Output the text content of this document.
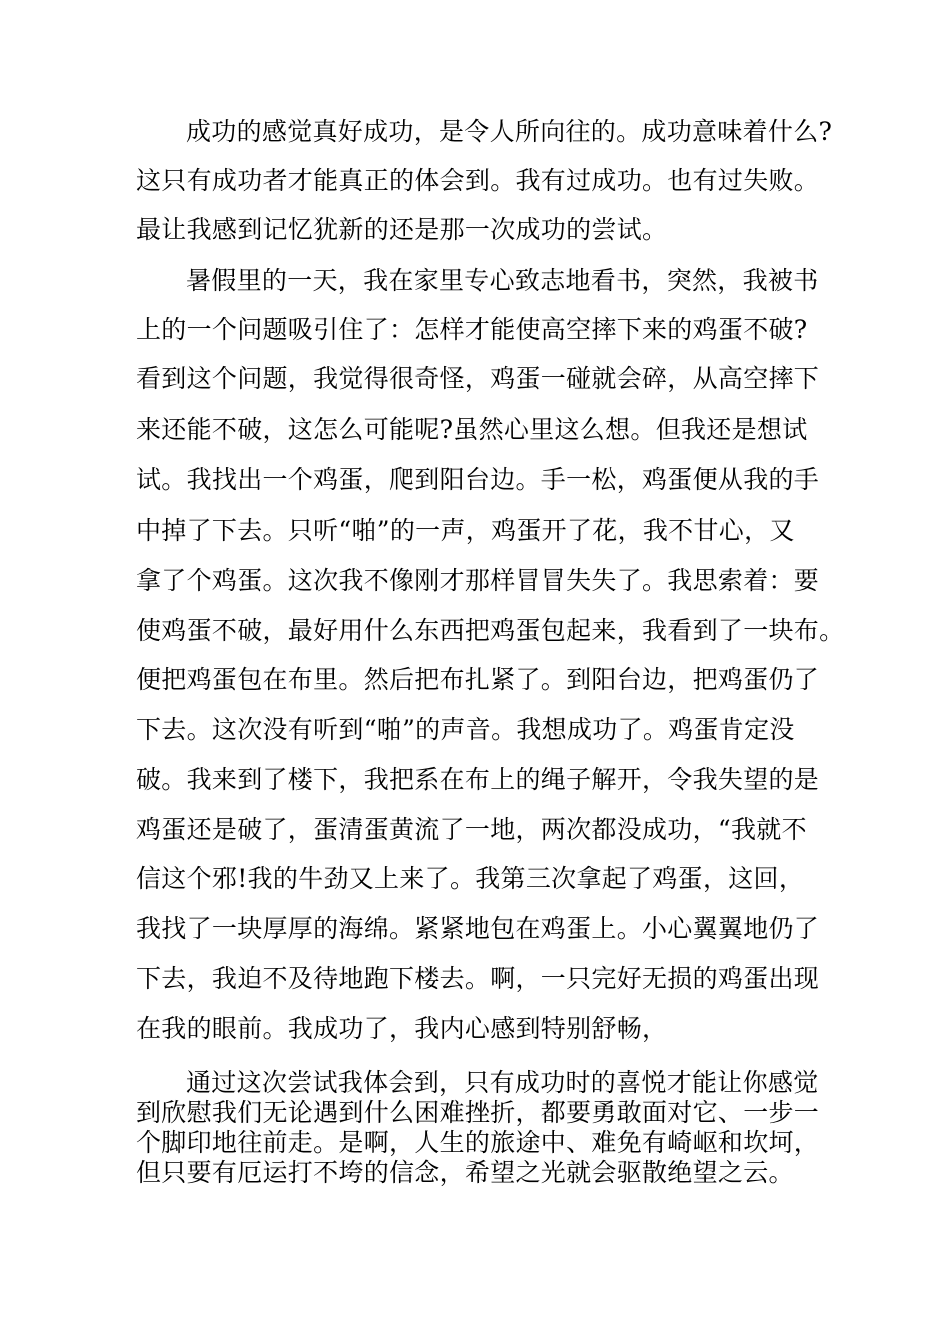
成功的感觉真好成功，是令人所向往的。成功意味着什么?
这只有成功者才能真正的体会到。我有过成功。也有过失败。
最让我感到记忆犹新的还是那一次成功的尝试。
暑假里的一天，我在家里专心致志地看书，突然，我被书
上的一个问题吸引住了：怎样才能使高空摔下来的鸡蛋不破?
看到这个问题，我觉得很奇怪，鸡蛋一碰就会碎，从高空摔下
来还能不破，这怎么可能呢?虽然心里这么想。但我还是想试
试。我找出一个鸡蛋，爬到阳台边。手一松，鸡蛋便从我的手
中掉了下去。只听“啪”的一声，鸡蛋开了花，我不甘心，又
拿了个鸡蛋。这次我不像刚才那样冒冒失失了。我思索着：要
使鸡蛋不破，最好用什么东西把鸡蛋包起来，我看到了一块布。
便把鸡蛋包在布里。然后把布扎紧了。到阳台边，把鸡蛋仍了
下去。这次没有听到“啪”的声音。我想成功了。鸡蛋肯定没
破。我来到了楼下，我把系在布上的绳子解开，令我失望的是
鸡蛋还是破了，蛋清蛋黄流了一地，两次都没成功，“我就不
信这个邪!我的牛劲又上来了。我第三次拿起了鸡蛋，这回，
我找了一块厚厚的海绵。紧紧地包在鸡蛋上。小心翼翼地仍了
下去，我迫不及待地跑下楼去。啊，一只完好无损的鸡蛋出现
在我的眼前。我成功了，我内心感到特别舒畅，
通过这次尝试我体会到，只有成功时的喜悦才能让你感觉
到欣慰我们无论遇到什么困难挫折，都要勇敢面对它、一步一
个脚印地往前走。是啊，人生的旅途中、难免有崎岖和坎坷，
但只要有厄运打不垮的信念，希望之光就会驱散绝望之云。
